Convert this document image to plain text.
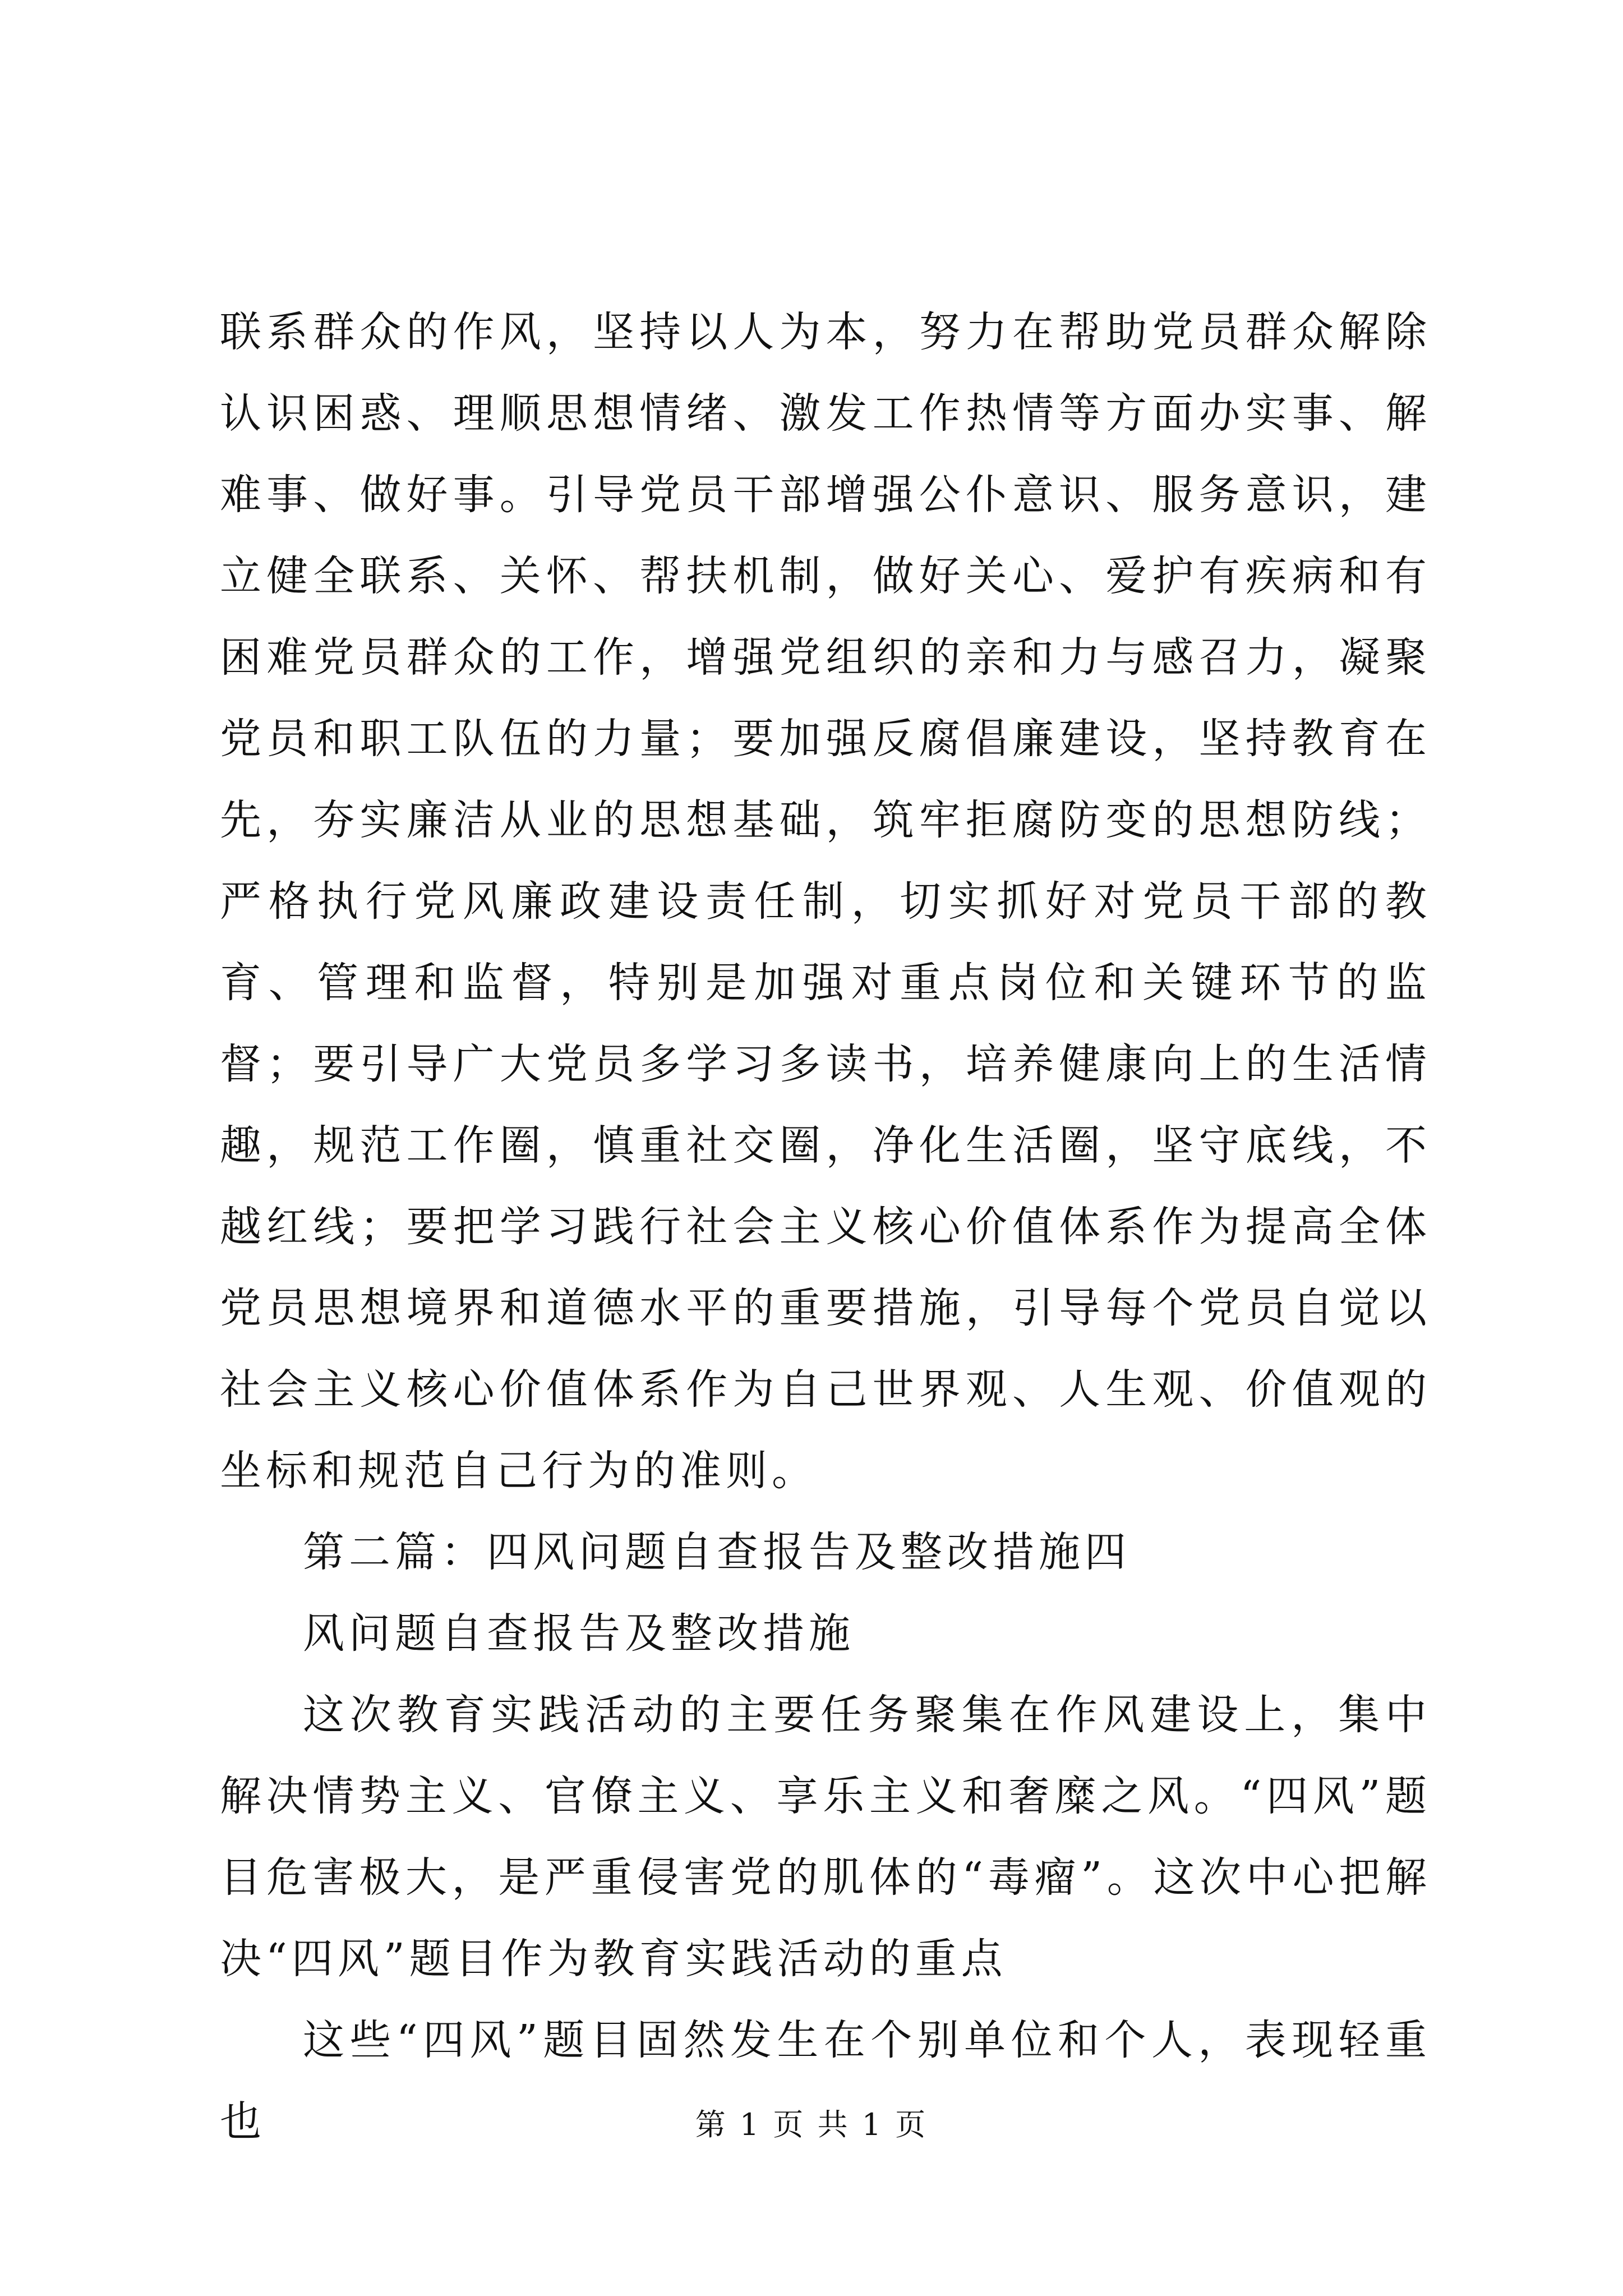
联系群众的作风，坚持以人为本，努力在帮助党员群众解除认识困惑、理顺思想情绪、激发工作热情等方面办实事、解难事、做好事。引导党员干部增强公仆意识、服务意识，建立健全联系、关怀、帮扶机制，做好关心、爱护有疾病和有困难党员群众的工作，增强党组织的亲和力与感召力，凝聚党员和职工队伍的力量；要加强反腐倡廉建设，坚持教育在先，夯实廉洁从业的思想基础，筑牢拒腐防变的思想防线；严格执行党风廉政建设责任制，切实抓好对党员干部的教育、管理和监督，特别是加强对重点岗位和关键环节的监督；要引导广大党员多学习多读书，培养健康向上的生活情趣，规范工作圈，慎重社交圈，净化生活圈，坚守底线，不越红线；要把学习践行社会主义核心价值体系作为提高全体党员思想境界和道德水平的重要措施，引导每个党员自觉以社会主义核心价值体系作为自己世界观、人生观、价值观的坐标和规范自己行为的准则。

第二篇：四风问题自查报告及整改措施四

风问题自查报告及整改措施

这次教育实践活动的主要任务聚集在作风建设上，集中解决情势主义、官僚主义、享乐主义和奢糜之风。“四风”题目危害极大，是严重侵害党的肌体的“毒瘤”。这次中心把解决“四风”题目作为教育实践活动的重点

这些“四风”题目固然发生在个别单位和个人，表现轻重也	第 1 页 共 1 页
